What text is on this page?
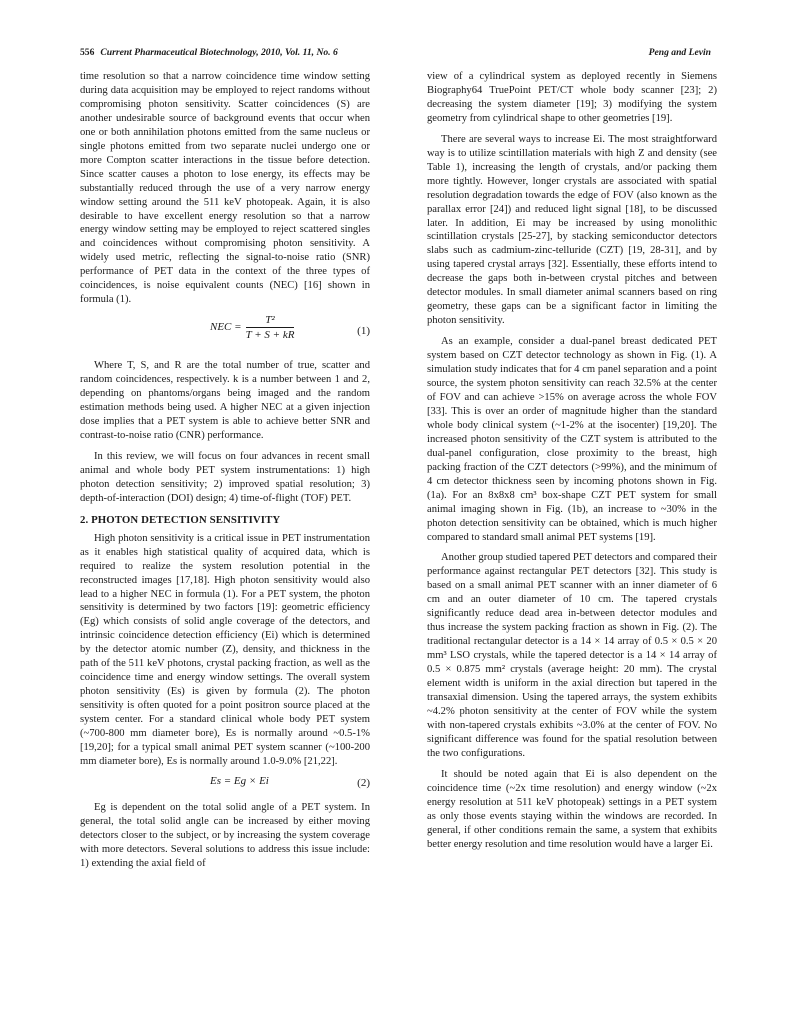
556 Current Pharmaceutical Biotechnology, 2010, Vol. 11, No. 6	Peng and Levin

time resolution so that a narrow coincidence time window setting during data acquisition may be employed to reject randoms without compromising photon sensitivity. Scatter coincidences (S) are another undesirable source of background events that occur when one or both annihilation photons emitted from the same nucleus or single photons emitted from two separate nuclei undergo one or more Compton scatter interactions in the tissue before detection. Since scatter causes a photon to lose energy, its effects may be substantially reduced through the use of a very narrow energy window setting around the 511 keV photopeak. Again, it is also desirable to have excellent energy resolution so that a narrow energy window setting may be employed to reject scattered singles and coincidences without compromising photon sensitivity. A widely used metric, reflecting the signal-to-noise ratio (SNR) performance of PET data in the context of the three types of coincidences, is noise equivalent counts (NEC) [16] shown in formula (1).

NEC = $\frac{\text{T²}}{T + S + kR}$	(1)

Where T, S, and R are the total number of true, scatter and random coincidences, respectively. k is a number between 1 and 2, depending on phantoms/organs being imaged and the random estimation methods being used. A higher NEC at a given injection dose implies that a PET system is able to achieve better SNR and contrast-to-noise ratio (CNR) performance.

In this review, we will focus on four advances in recent small animal and whole body PET system instrumentations: 1) high photon detection sensitivity; 2) improved spatial resolution; 3) depth-of-interaction (DOI) design; 4) time-of-flight (TOF) PET.

2. PHOTON DETECTION SENSITIVITY

High photon sensitivity is a critical issue in PET instrumentation as it enables high statistical quality of acquired data, which is required to realize the system resolution potential in the reconstructed images [17,18]. High photon sensitivity would also lead to a higher NEC in formula (1). For a PET system, the photon sensitivity is determined by two factors [19]: geometric efficiency (Eg) which consists of solid angle coverage of the detectors, and intrinsic coincidence detection efficiency (Ei) which is determined by the detector atomic number (Z), density, and thickness in the path of the 511 keV photons, crystal packing fraction, as well as the coincidence time and energy window settings. The overall system photon sensitivity (Es) is given by formula (2). The photon sensitivity is often quoted for a point positron source placed at the system center. For a standard clinical whole body PET system (~700-800 mm diameter bore), Es is normally around ~0.5-1% [19,20]; for a typical small animal PET system scanner (~100-200 mm diameter bore), Es is normally around 1.0-9.0% [21,22].

Es = Eg × Ei	(2)

Eg is dependent on the total solid angle of a PET system. In general, the total solid angle can be increased by either moving detectors closer to the subject, or by increasing the system coverage with more detectors. Several solutions to address this issue include: 1) extending the axial field of

view of a cylindrical system as deployed recently in Siemens Biography64 TruePoint PET/CT whole body scanner [23]; 2) decreasing the system diameter [19]; 3) modifying the system geometry from cylindrical shape to other geometries [19].

There are several ways to increase Ei. The most straightforward way is to utilize scintillation materials with high Z and density (see Table 1), increasing the length of crystals, and/or packing them more tightly. However, longer crystals are associated with spatial resolution degradation towards the edge of FOV (also known as the parallax error [24]) and reduced light signal [18], to be discussed later. In addition, Ei may be increased by using monolithic scintillation crystals [25-27], by stacking semiconductor detectors slabs such as cadmium-zinc-telluride (CZT) [19, 28-31], and by using tapered crystal arrays [32]. Essentially, these efforts intend to decrease the gaps both in-between crystal pitches and between detector modules. In small diameter animal scanners based on ring geometry, these gaps can be a significant factor in limiting the photon sensitivity.

As an example, consider a dual-panel breast dedicated PET system based on CZT detector technology as shown in Fig. (1). A simulation study indicates that for 4 cm panel separation and a point source, the system photon sensitivity can reach 32.5% at the center of FOV and can achieve >15% on average across the whole FOV [33]. This is over an order of magnitude higher than the standard whole body clinical system (~1-2% at the isocenter) [19,20]. The increased photon sensitivity of the CZT system is attributed to the dual-panel configuration, close proximity to the breast, high packing fraction of the CZT detectors (>99%), and the minimum of 4 cm detector thickness seen by incoming photons shown in Fig. (1a). For an 8x8x8 cm³ box-shape CZT PET system for small animal imaging shown in Fig. (1b), an increase to ~30% in the photon detection sensitivity can be obtained, which is much higher compared to standard small animal PET systems [19].

Another group studied tapered PET detectors and compared their performance against rectangular PET detectors [32]. This study is based on a small animal PET scanner with an inner diameter of 6 cm and an outer diameter of 10 cm. The tapered crystals significantly reduce dead area in-between detector modules and thus increase the system packing fraction as shown in Fig. (2). The traditional rectangular detector is a 14 × 14 array of 0.5 × 0.5 × 20 mm³ LSO crystals, while the tapered detector is a 14 × 14 array of 0.5 × 0.875 mm² crystals (average height: 20 mm). The crystal element width is uniform in the axial direction but tapered in the transaxial dimension. Using the tapered arrays, the system exhibits ~4.2% photon sensitivity at the center of FOV while the system with non-tapered crystals exhibits ~3.0% at the center of FOV. No significant difference was found for the spatial resolution between the two configurations.

It should be noted again that Ei is also dependent on the coincidence time (~2x time resolution) and energy window (~2x energy resolution at 511 keV photopeak) settings in a PET system as only those events staying within the windows are recorded. In general, if other conditions remain the same, a system that exhibits better energy resolution and time resolution would have a larger Ei.
